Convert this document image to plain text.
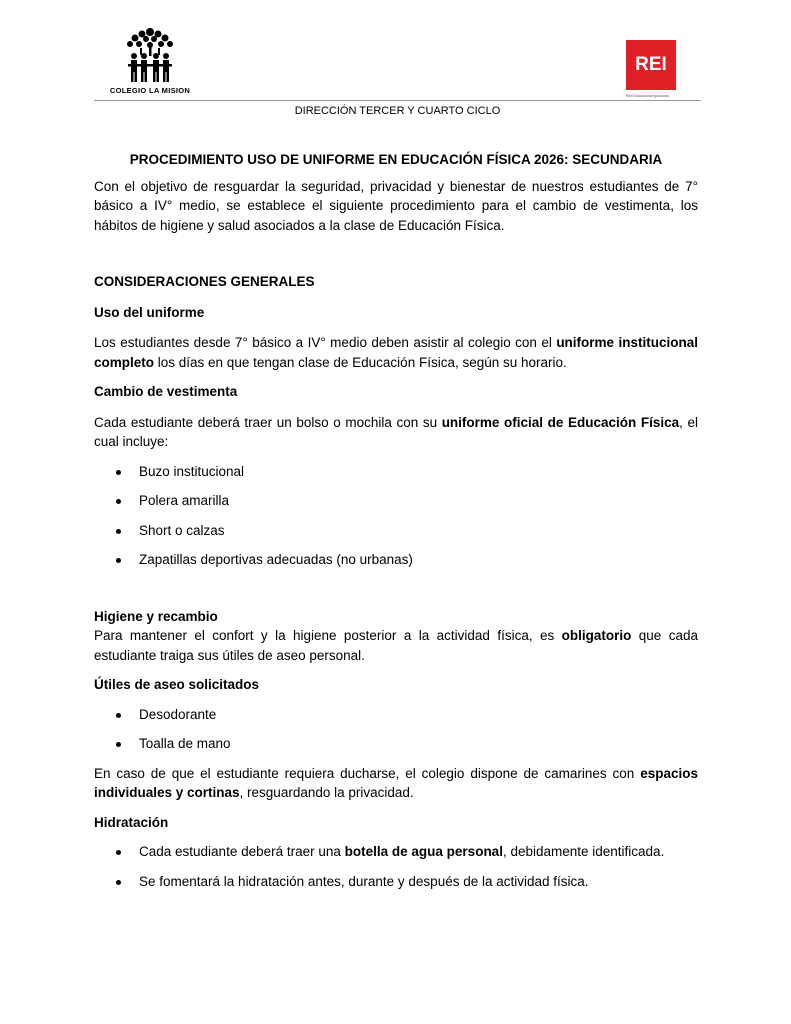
COLEGIO LA MISION
REI
Red Educacional Ignaciana
DIRECCIÓN TERCER Y CUARTO CICLO
PROCEDIMIENTO USO DE UNIFORME EN EDUCACIÓN FÍSICA 2026: SECUNDARIA

Con el objetivo de resguardar la seguridad, privacidad y bienestar de nuestros estudiantes de 7° básico a IV° medio, se establece el siguiente procedimiento para el cambio de vestimenta, los hábitos de higiene y salud asociados a la clase de Educación Física.

CONSIDERACIONES GENERALES
Uso del uniforme

Los estudiantes desde 7° básico a IV° medio deben asistir al colegio con el uniforme institucional completo los días en que tengan clase de Educación Física, según su horario.

Cambio de vestimenta

Cada estudiante deberá traer un bolso o mochila con su uniforme oficial de Educación Física, el cual incluye:

Buzo institucional
Polera amarilla
Short o calzas
Zapatillas deportivas adecuadas (no urbanas)
Higiene y recambio

Para mantener el confort y la higiene posterior a la actividad física, es obligatorio que cada estudiante traiga sus útiles de aseo personal.

Útiles de aseo solicitados
Desodorante
Toalla de mano

En caso de que el estudiante requiera ducharse, el colegio dispone de camarines con espacios individuales y cortinas, resguardando la privacidad.

Hidratación
Cada estudiante deberá traer una botella de agua personal, debidamente identificada.
Se fomentará la hidratación antes, durante y después de la actividad física.
